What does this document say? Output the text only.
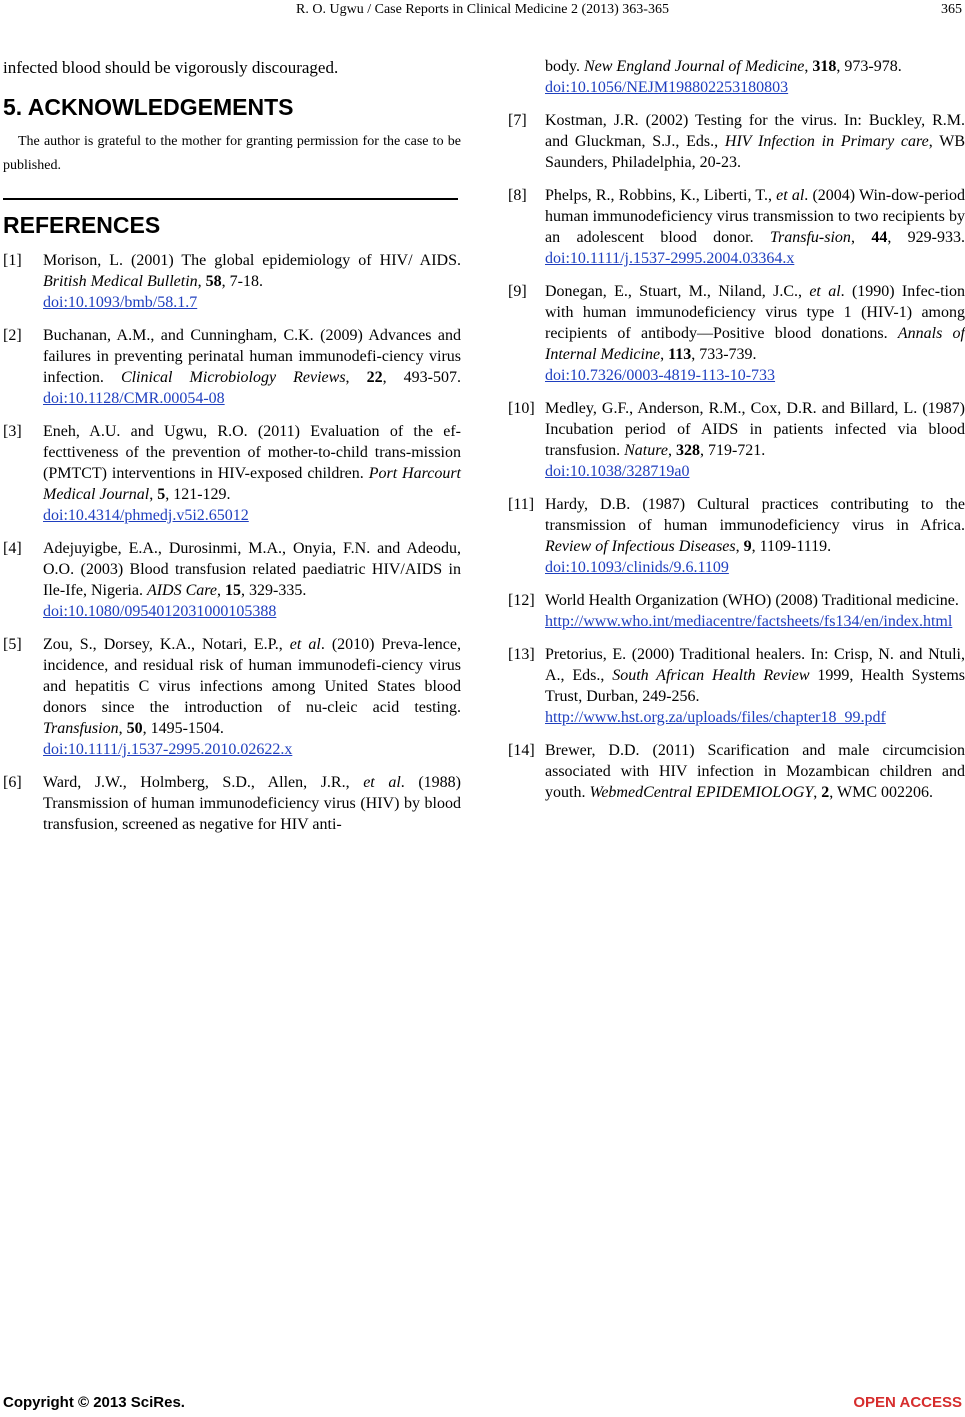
R. O. Ugwu / Case Reports in Clinical Medicine 2 (2013) 363-365	365

infected blood should be vigorously discouraged.

5. ACKNOWLEDGEMENTS

The author is grateful to the mother for granting permission for the case to be published.

REFERENCES
[1] Morison, L. (2001) The global epidemiology of HIV/ AIDS. British Medical Bulletin, 58, 7-18.
doi:10.1093/bmb/58.1.7
[2] Buchanan, A.M., and Cunningham, C.K. (2009) Advances and failures in preventing perinatal human immunodefi-ciency virus infection. Clinical Microbiology Reviews, 22, 493-507. doi:10.1128/CMR.00054-08
[3] Eneh, A.U. and Ugwu, R.O. (2011) Evaluation of the ef-fecttiveness of the prevention of mother-to-child trans-mission (PMTCT) interventions in HIV-exposed children. Port Harcourt Medical Journal, 5, 121-129.
doi:10.4314/phmedj.v5i2.65012
[4] Adejuyigbe, E.A., Durosinmi, M.A., Onyia, F.N. and Adeodu, O.O. (2003) Blood transfusion related paediatric HIV/AIDS in Ile-Ife, Nigeria. AIDS Care, 15, 329-335.
doi:10.1080/0954012031000105388
[5] Zou, S., Dorsey, K.A., Notari, E.P., et al. (2010) Preva-lence, incidence, and residual risk of human immunodefi-ciency virus and hepatitis C virus infections among United States blood donors since the introduction of nu-cleic acid testing. Transfusion, 50, 1495-1504.
doi:10.1111/j.1537-2995.2010.02622.x
[6] Ward, J.W., Holmberg, S.D., Allen, J.R., et al. (1988) Transmission of human immunodeficiency virus (HIV) by blood transfusion, screened as negative for HIV anti-
body. New England Journal of Medicine, 318, 973-978.
doi:10.1056/NEJM198802253180803
[7] Kostman, J.R. (2002) Testing for the virus. In: Buckley, R.M. and Gluckman, S.J., Eds., HIV Infection in Primary care, WB Saunders, Philadelphia, 20-23.
[8] Phelps, R., Robbins, K., Liberti, T., et al. (2004) Win-dow-period human immunodeficiency virus transmission to two recipients by an adolescent blood donor. Transfu-sion, 44, 929-933. doi:10.1111/j.1537-2995.2004.03364.x
[9] Donegan, E., Stuart, M., Niland, J.C., et al. (1990) Infec-tion with human immunodeficiency virus type 1 (HIV-1) among recipients of antibody—Positive blood donations. Annals of Internal Medicine, 113, 733-739.
doi:10.7326/0003-4819-113-10-733
[10] Medley, G.F., Anderson, R.M., Cox, D.R. and Billard, L. (1987) Incubation period of AIDS in patients infected via blood transfusion. Nature, 328, 719-721.
doi:10.1038/328719a0
[11] Hardy, D.B. (1987) Cultural practices contributing to the transmission of human immunodeficiency virus in Africa. Review of Infectious Diseases, 9, 1109-1119.
doi:10.1093/clinids/9.6.1109
[12] World Health Organization (WHO) (2008) Traditional medicine.
http://www.who.int/mediacentre/factsheets/fs134/en/index.html
[13] Pretorius, E. (2000) Traditional healers. In: Crisp, N. and Ntuli, A., Eds., South African Health Review 1999, Health Systems Trust, Durban, 249-256.
http://www.hst.org.za/uploads/files/chapter18_99.pdf
[14] Brewer, D.D. (2011) Scarification and male circumcision associated with HIV infection in Mozambican children and youth. WebmedCentral EPIDEMIOLOGY, 2, WMC 002206.
Copyright © 2013 SciRes.	OPEN ACCESS
